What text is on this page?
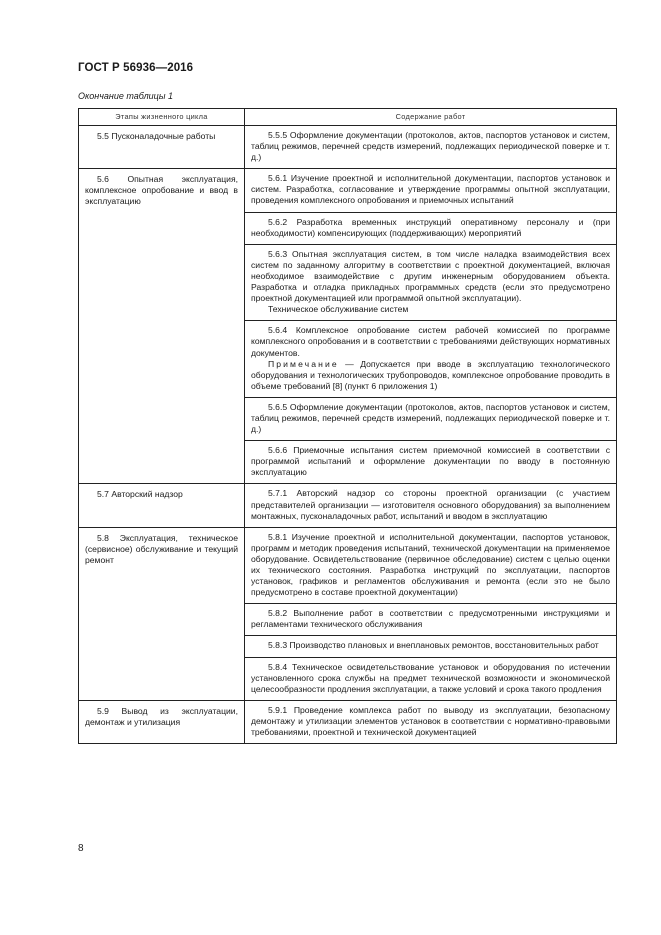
ГОСТ Р 56936—2016
Окончание таблицы 1
Этапы жизненного цикла	Содержание работ
5.5 Пусконаладочные работы	5.5.5 Оформление документации (протоколов, актов, паспортов установок и систем, таблиц режимов, перечней средств измерений, подлежащих периодической поверке и т. д.)

5.6 Опытная эксплуатация, комплексное опробование и ввод в эксплуатацию	5.6.1 Изучение проектной и исполнительной документации, паспортов установок и систем. Разработка, согласование и утверждение программы опытной эксплуатации, проведения комплексного опробования и приемочных испытаний

	5.6.2 Разработка временных инструкций оперативному персоналу и (при необходимости) компенсирующих (поддерживающих) мероприятий

	5.6.3 Опытная эксплуатация систем, в том числе наладка взаимодействия всех систем по заданному алгоритму в соответствии с проектной документацией, включая необходимое взаимодействие с другим инженерным оборудованием объекта. Разработка и отладка прикладных программных средств (если это предусмотрено проектной документацией или программой опытной эксплуатации).

Техническое обслуживание систем

	5.6.4 Комплексное опробование систем рабочей комиссией по программе комплексного опробования и в соответствии с требованиями действующих нормативных документов.

Примечание — Допускается при вводе в эксплуатацию технологического оборудования и технологических трубопроводов, комплексное опробование проводить в объеме требований [8] (пункт 6 приложения 1)

	5.6.5 Оформление документации (протоколов, актов, паспортов установок и систем, таблиц режимов, перечней средств измерений, подлежащих периодической поверке и т. д.)

	5.6.6 Приемочные испытания систем приемочной комиссией в соответствии с программой испытаний и оформление документации по вводу в постоянную эксплуатацию

5.7 Авторский надзор	5.7.1 Авторский надзор со стороны проектной организации (с участием представителей организации — изготовителя основного оборудования) за выполнением монтажных, пусконаладочных работ, испытаний и вводом в эксплуатацию

5.8 Эксплуатация, техническое (сервисное) обслуживание и текущий ремонт	5.8.1 Изучение проектной и исполнительной документации, паспортов установок, программ и методик проведения испытаний, технической документации на применяемое оборудование. Освидетельствование (первичное обследование) систем с целью оценки их технического состояния. Разработка инструкций по эксплуатации, паспортов установок, графиков и регламентов обслуживания и ремонта (если это не было предусмотрено в составе проектной документации)

	5.8.2 Выполнение работ в соответствии с предусмотренными инструкциями и регламентами технического обслуживания

	5.8.3 Производство плановых и внеплановых ремонтов, восстановительных работ

	5.8.4 Техническое освидетельствование установок и оборудования по истечении установленного срока службы на предмет технической возможности и экономической целесообразности продления эксплуатации, а также условий и срока такого продления

5.9 Вывод из эксплуатации, демонтаж и утилизация	5.9.1 Проведение комплекса работ по выводу из эксплуатации, безопасному демонтажу и утилизации элементов установок в соответствии с нормативно-правовыми требованиями, проектной и технической документацией

8
